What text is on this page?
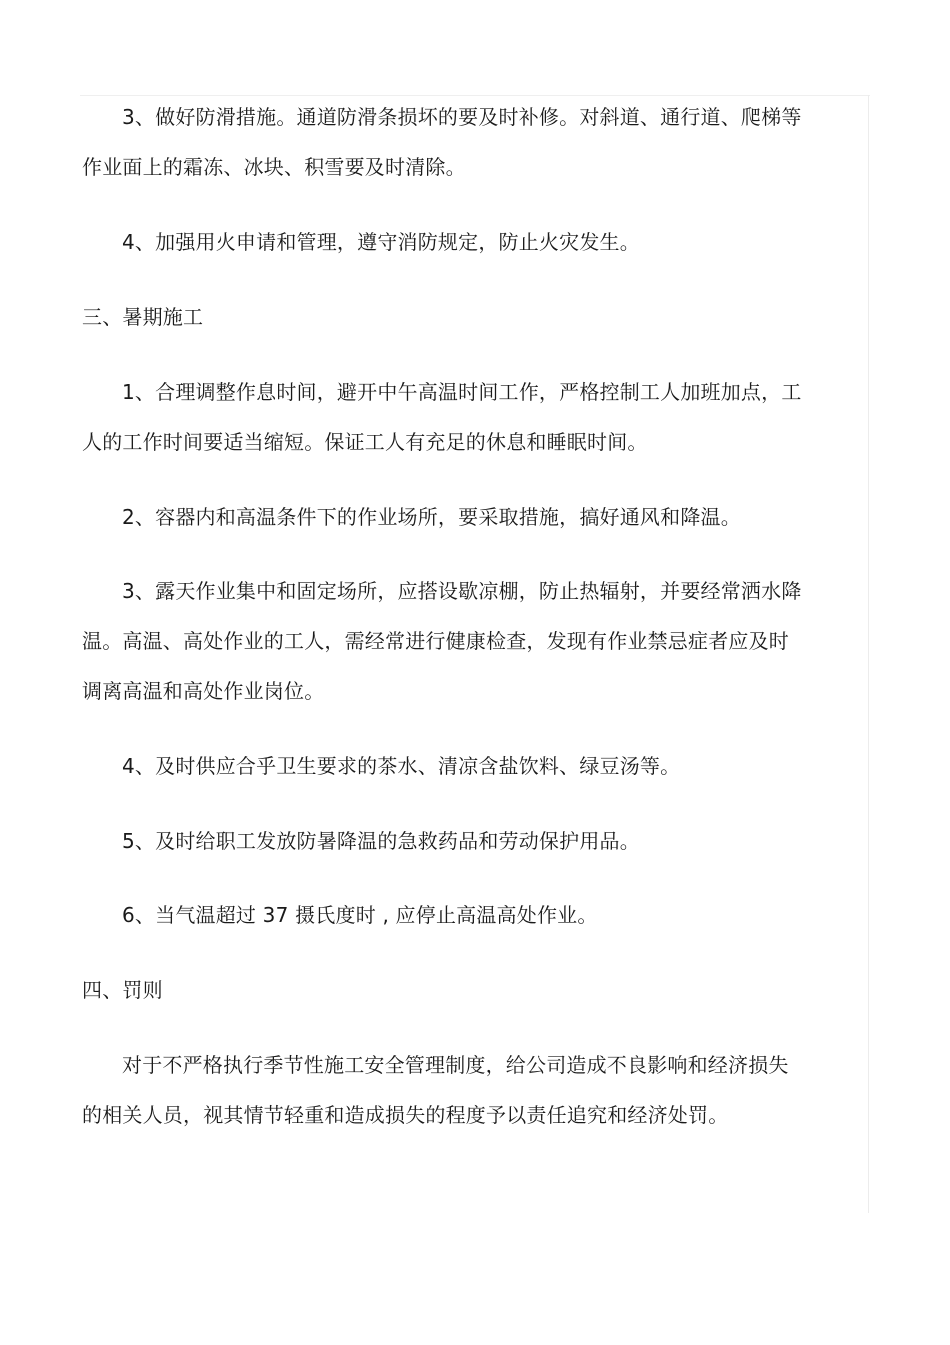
3、做好防滑措施。通道防滑条损坏的要及时补修。对斜道、通行道、爬梯等
作业面上的霜冻、冰块、积雪要及时清除。
4、加强用火申请和管理，遵守消防规定，防止火灾发生。
三、暑期施工
1、合理调整作息时间，避开中午高温时间工作，严格控制工人加班加点，工
人的工作时间要适当缩短。保证工人有充足的休息和睡眠时间。
2、容器内和高温条件下的作业场所，要采取措施，搞好通风和降温。
3、露天作业集中和固定场所，应搭设歇凉棚，防止热辐射，并要经常洒水降
温。高温、高处作业的工人，需经常进行健康检查，发现有作业禁忌症者应及时
调离高温和高处作业岗位。
4、及时供应合乎卫生要求的茶水、清凉含盐饮料、绿豆汤等。
5、及时给职工发放防暑降温的急救药品和劳动保护用品。
6、当气温超过 37 摄氏度时 , 应停止高温高处作业。
四、罚则
对于不严格执行季节性施工安全管理制度，给公司造成不良影响和经济损失
的相关人员，视其情节轻重和造成损失的程度予以责任追究和经济处罚。
